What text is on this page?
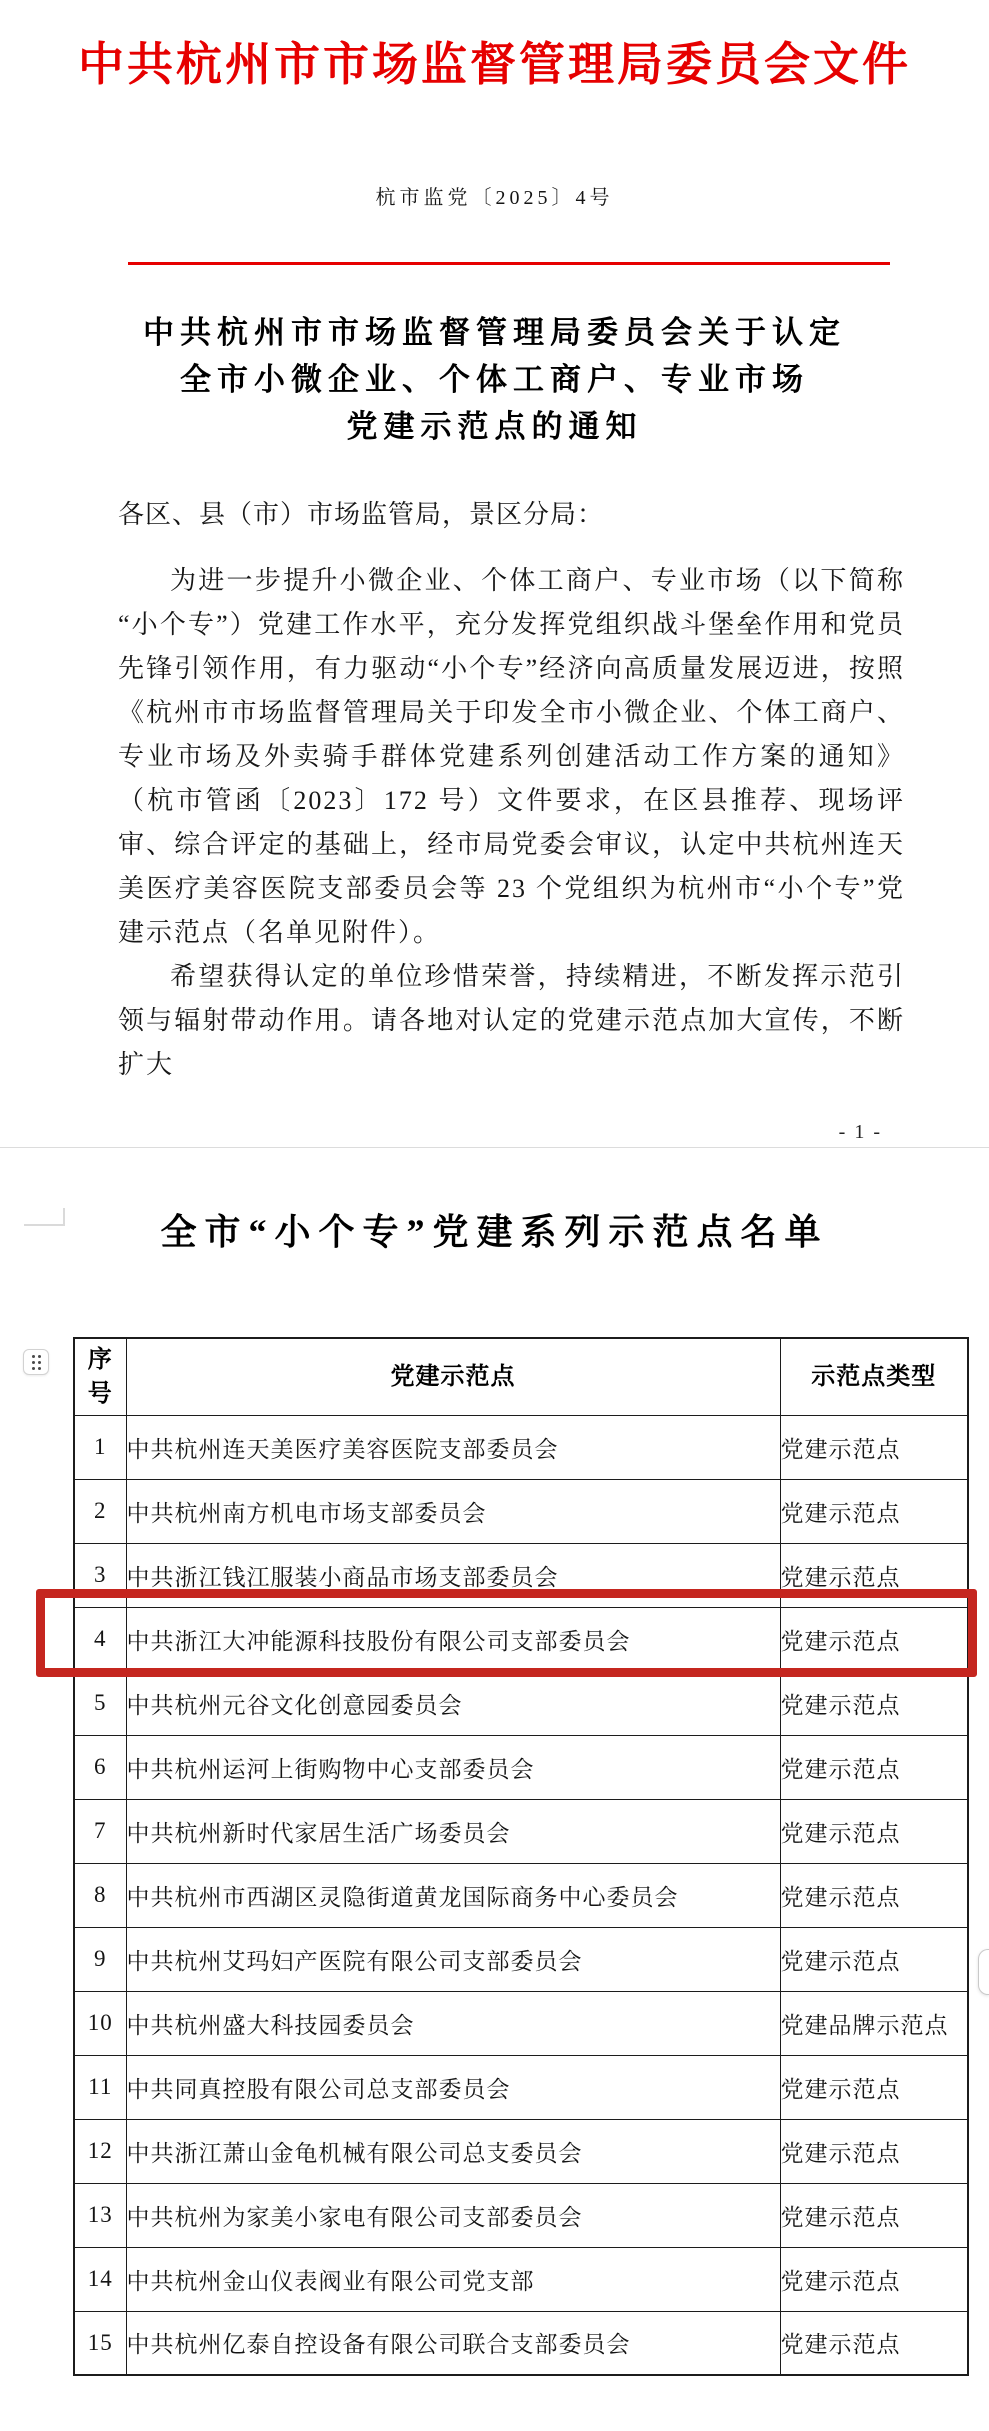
中共杭州市市场监督管理局委员会文件
杭市监党〔2025〕4号
中共杭州市市场监督管理局委员会关于认定
全市小微企业、个体工商户、专业市场
党建示范点的通知
各区、县（市）市场监管局，景区分局：

为进一步提升小微企业、个体工商户、专业市场（以下简称 “小个专”）党建工作水平，充分发挥党组织战斗堡垒作用和党员先锋引领作用，有力驱动“小个专”经济向高质量发展迈进，按照《杭州市市场监督管理局关于印发全市小微企业、个体工商户、专业市场及外卖骑手群体党建系列创建活动工作方案的通知》（杭市管函〔2023〕172 号）文件要求，在区县推荐、现场评审、综合评定的基础上，经市局党委会审议，认定中共杭州连天美医疗美容医院支部委员会等 23 个党组织为杭州市“小个专”党建示范点（名单见附件）。

希望获得认定的单位珍惜荣誉，持续精进，不断发挥示范引领与辐射带动作用。请各地对认定的党建示范点加大宣传，不断扩大

- 1 -
全市“小个专”党建系列示范点名单
序号	党建示范点	示范点类型
1	中共杭州连天美医疗美容医院支部委员会	党建示范点
2	中共杭州南方机电市场支部委员会	党建示范点
3	中共浙江钱江服装小商品市场支部委员会	党建示范点
4	中共浙江大冲能源科技股份有限公司支部委员会	党建示范点
5	中共杭州元谷文化创意园委员会	党建示范点
6	中共杭州运河上街购物中心支部委员会	党建示范点
7	中共杭州新时代家居生活广场委员会	党建示范点
8	中共杭州市西湖区灵隐街道黄龙国际商务中心委员会	党建示范点
9	中共杭州艾玛妇产医院有限公司支部委员会	党建示范点
10	中共杭州盛大科技园委员会	党建品牌示范点
11	中共同真控股有限公司总支部委员会	党建示范点
12	中共浙江萧山金龟机械有限公司总支委员会	党建示范点
13	中共杭州为家美小家电有限公司支部委员会	党建示范点
14	中共杭州金山仪表阀业有限公司党支部	党建示范点
15	中共杭州亿泰自控设备有限公司联合支部委员会	党建示范点
